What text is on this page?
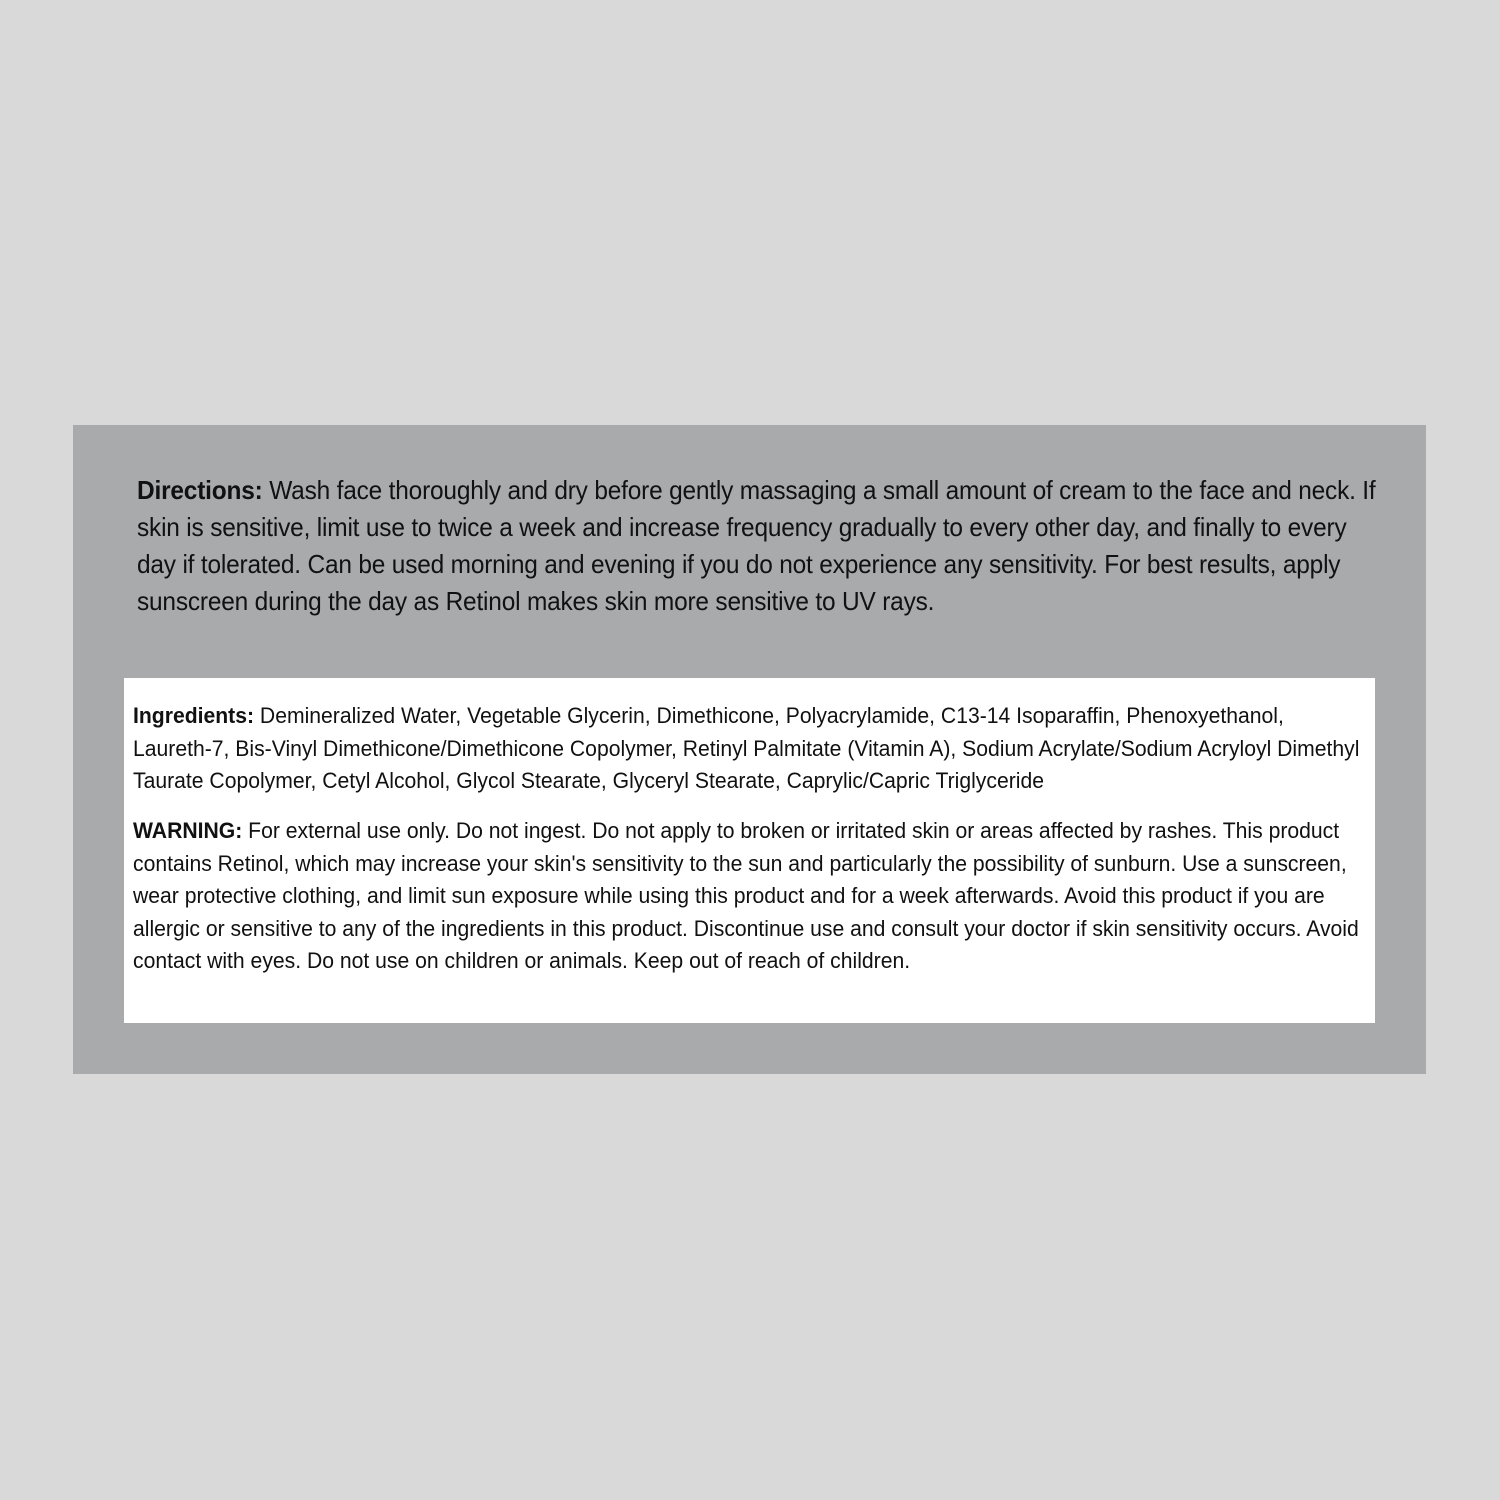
Directions: Wash face thoroughly and dry before gently massaging a small amount of cream to the face and neck. If skin is sensitive, limit use to twice a week and increase frequency gradually to every other day, and finally to every day if tolerated. Can be used morning and evening if you do not experience any sensitivity. For best results, apply sunscreen during the day as Retinol makes skin more sensitive to UV rays.

Ingredients: Demineralized Water, Vegetable Glycerin, Dimethicone, Polyacrylamide, C13-14 Isoparaffin, Phenoxyethanol, Laureth-7, Bis-Vinyl Dimethicone/Dimethicone Copolymer, Retinyl Palmitate (Vitamin A), Sodium Acrylate/Sodium Acryloyl Dimethyl Taurate Copolymer, Cetyl Alcohol, Glycol Stearate, Glyceryl Stearate, Caprylic/Capric Triglyceride

WARNING: For external use only. Do not ingest. Do not apply to broken or irritated skin or areas affected by rashes. This product contains Retinol, which may increase your skin's sensitivity to the sun and particularly the possibility of sunburn. Use a sunscreen, wear protective clothing, and limit sun exposure while using this product and for a week afterwards. Avoid this product if you are allergic or sensitive to any of the ingredients in this product. Discontinue use and consult your doctor if skin sensitivity occurs. Avoid contact with eyes. Do not use on children or animals. Keep out of reach of children.
